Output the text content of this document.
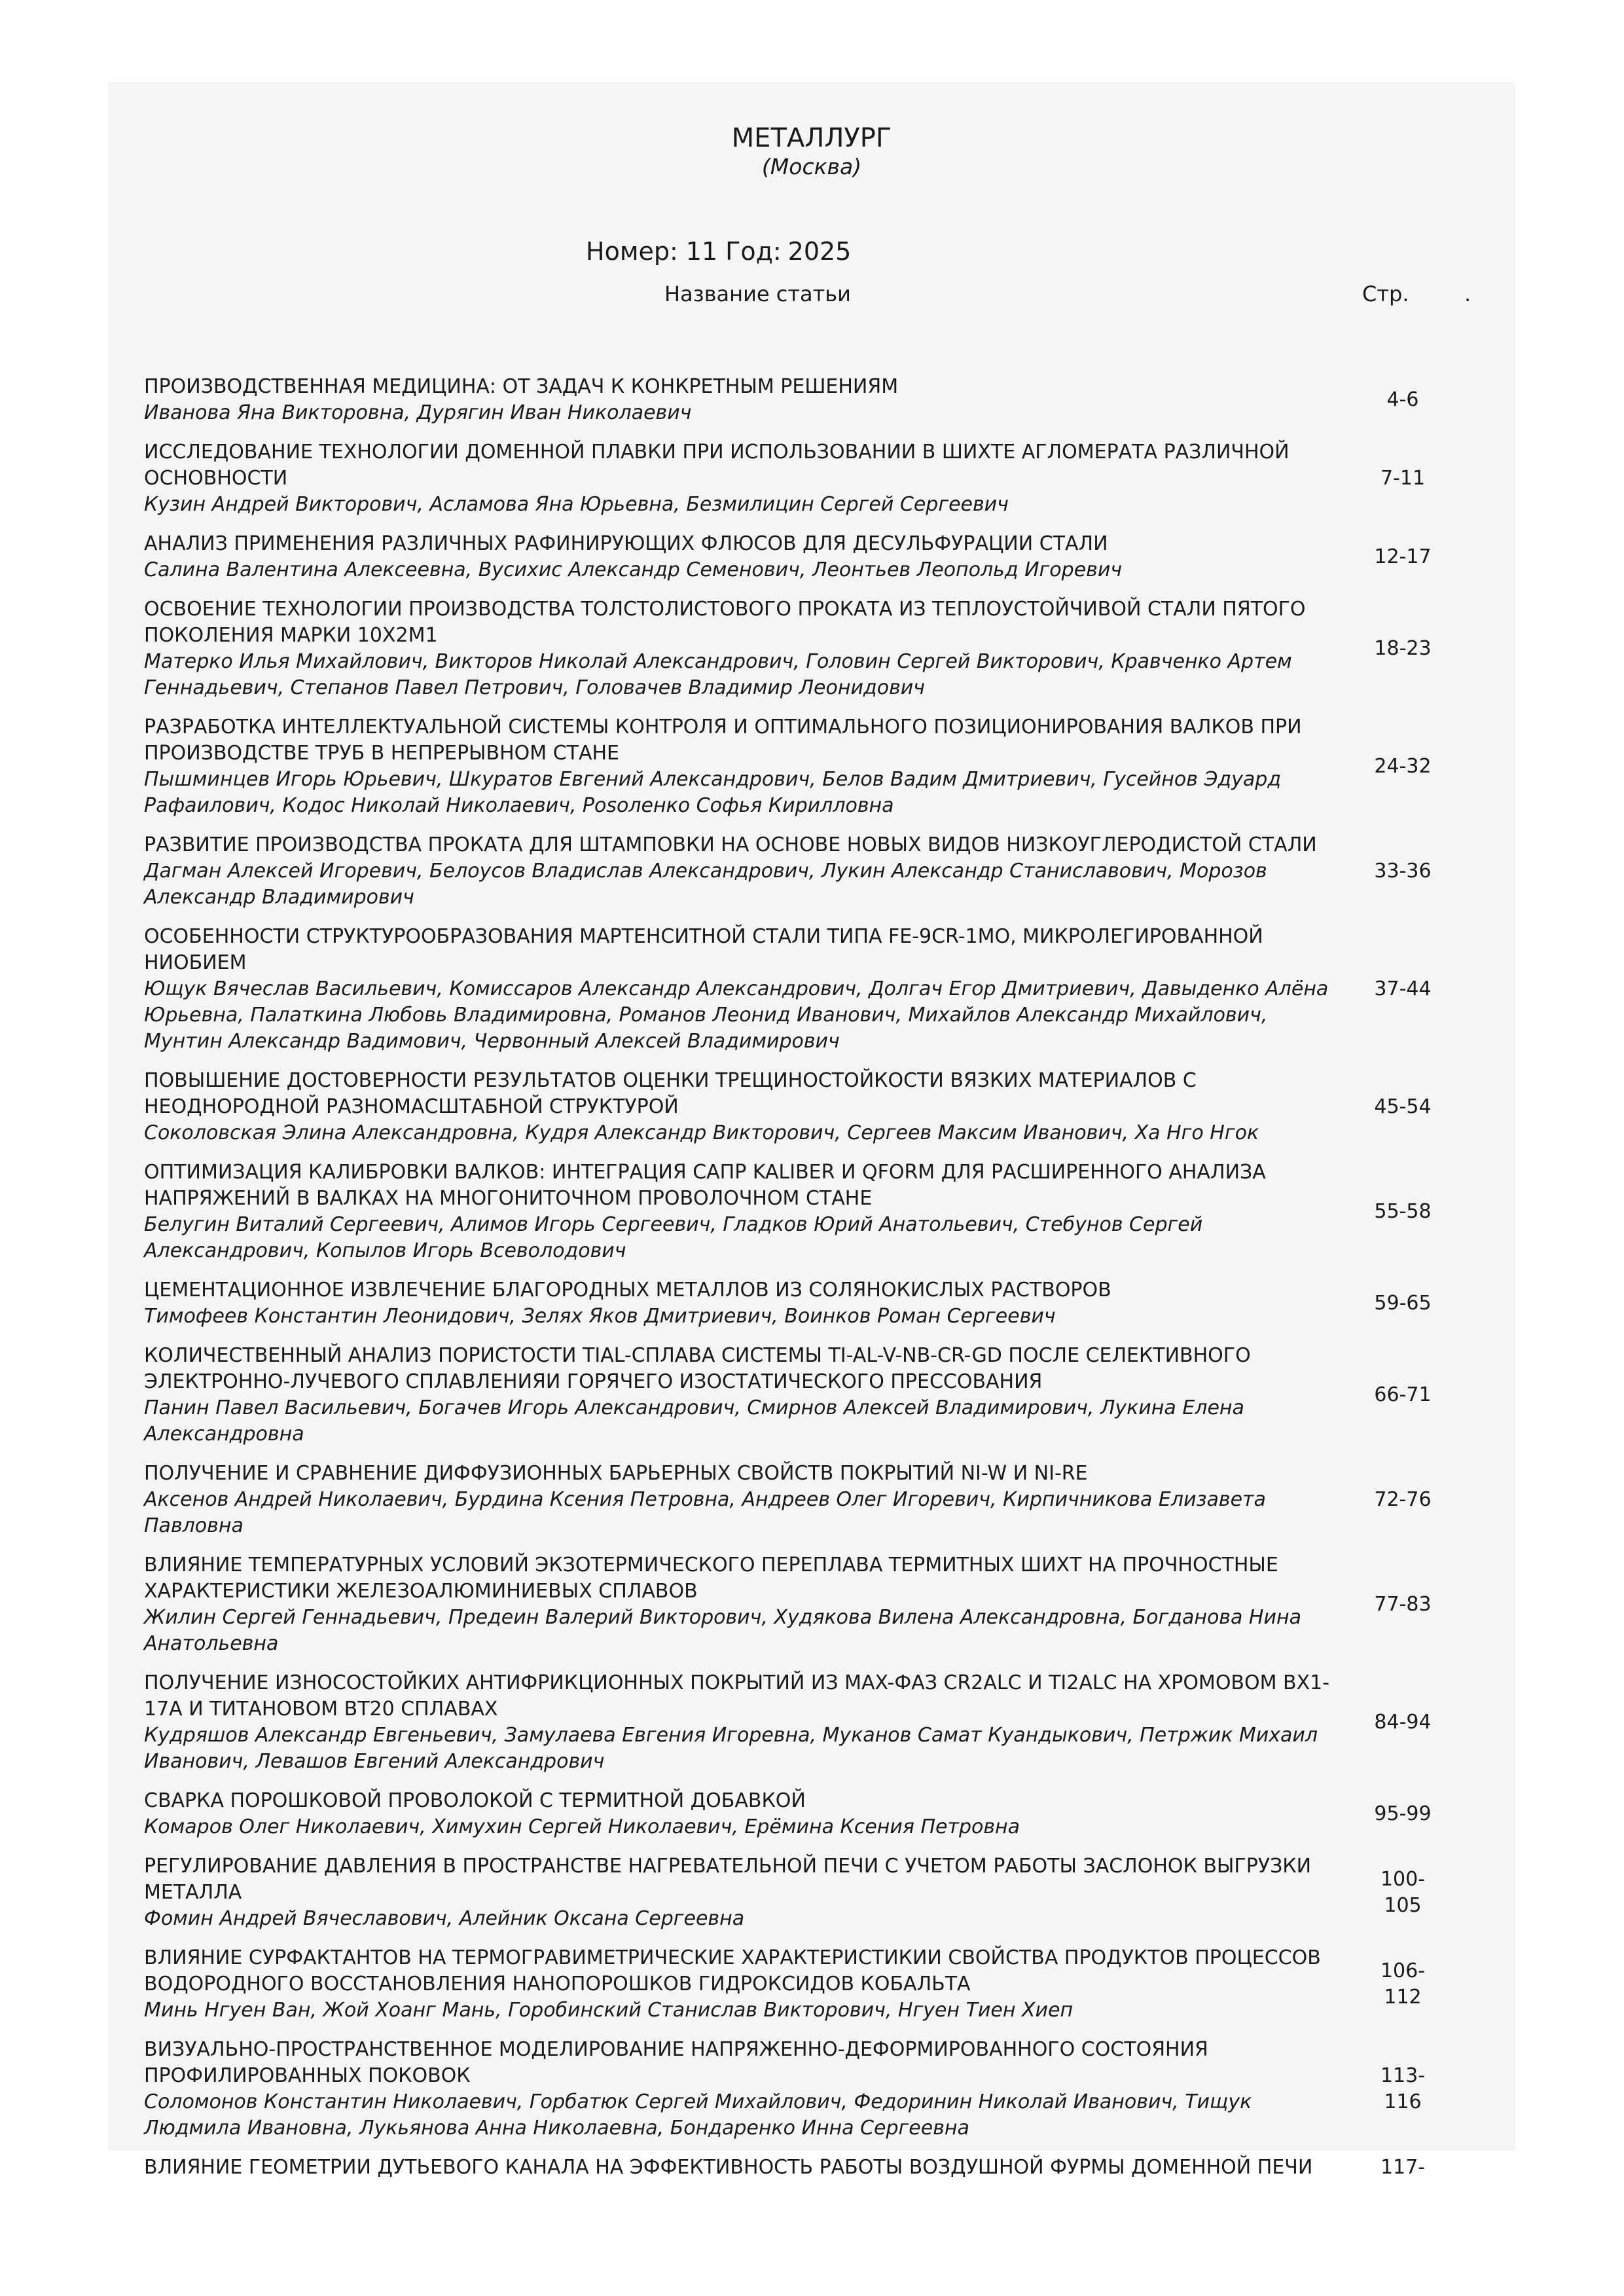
МЕТАЛЛУРГ
(Москва)
Номер: 11 Год: 2025
Название статьи	Стр.	.
ПРОИЗВОДСТВЕННАЯ МЕДИЦИНА: ОТ ЗАДАЧ К КОНКРЕТНЫМ РЕШЕНИЯМ
Иванова Яна Викторовна, Дурягин Иван Николаевич
4-6
ИССЛЕДОВАНИЕ ТЕХНОЛОГИИ ДОМЕННОЙ ПЛАВКИ ПРИ ИСПОЛЬЗОВАНИИ В ШИХТЕ АГЛОМЕРАТА РАЗЛИЧНОЙ ОСНОВНОСТИ
Кузин Андрей Викторович, Асламова Яна Юрьевна, Безмилицин Сергей Сергеевич
7-11
АНАЛИЗ ПРИМЕНЕНИЯ РАЗЛИЧНЫХ РАФИНИРУЮЩИХ ФЛЮСОВ ДЛЯ ДЕСУЛЬФУРАЦИИ СТАЛИ
Салина Валентина Алексеевна, Вусихис Александр Семенович, Леонтьев Леопольд Игоревич
12-17
ОСВОЕНИЕ ТЕХНОЛОГИИ ПРОИЗВОДСТВА ТОЛСТОЛИСТОВОГО ПРОКАТА ИЗ ТЕПЛОУСТОЙЧИВОЙ СТАЛИ ПЯТОГО ПОКОЛЕНИЯ МАРКИ 10Х2М1
Матерко Илья Михайлович, Викторов Николай Александрович, Головин Сергей Викторович, Кравченко Артем Геннадьевич, Степанов Павел Петрович, Головачев Владимир Леонидович
18-23
РАЗРАБОТКА ИНТЕЛЛЕКТУАЛЬНОЙ СИСТЕМЫ КОНТРОЛЯ И ОПТИМАЛЬНОГО ПОЗИЦИОНИРОВАНИЯ ВАЛКОВ ПРИ ПРОИЗВОДСТВЕ ТРУБ В НЕПРЕРЫВНОМ СТАНЕ
Пышминцев Игорь Юрьевич, Шкуратов Евгений Александрович, Белов Вадим Дмитриевич, Гусейнов Эдуард Рафаилович, Кодос Николай Николаевич, Рosоленко Софья Кирилловна
24-32
РАЗВИТИЕ ПРОИЗВОДСТВА ПРОКАТА ДЛЯ ШТАМПОВКИ НА ОСНОВЕ НОВЫХ ВИДОВ НИЗКОУГЛЕРОДИСТОЙ СТАЛИ
Дагман Алексей Игоревич, Белоусов Владислав Александрович, Лукин Александр Станиславович, Морозов Александр Владимирович
33-36
ОСОБЕННОСТИ СТРУКТУРООБРАЗОВАНИЯ МАРТЕНСИТНОЙ СТАЛИ ТИПА FE-9CR-1MO, МИКРОЛЕГИРОВАННОЙ НИОБИЕМ
Ющук Вячеслав Васильевич, Комиссаров Александр Александрович, Долгач Егор Дмитриевич, Давыденко Алёна Юрьевна, Палаткина Любовь Владимировна, Романов Леонид Иванович, Михайлов Александр Михайлович, Мунтин Александр Вадимович, Червонный Алексей Владимирович
37-44
ПОВЫШЕНИЕ ДОСТОВЕРНОСТИ РЕЗУЛЬТАТОВ ОЦЕНКИ ТРЕЩИНОСТОЙКОСТИ ВЯЗКИХ МАТЕРИАЛОВ С НЕОДНОРОДНОЙ РАЗНОМАСШТАБНОЙ СТРУКТУРОЙ
Соколовская Элина Александровна, Кудря Александр Викторович, Сергеев Максим Иванович, Ха Нго Нгок
45-54
ОПТИМИЗАЦИЯ КАЛИБРОВКИ ВАЛКОВ: ИНТЕГРАЦИЯ САПР KALIBER И QFORM ДЛЯ РАСШИРЕННОГО АНАЛИЗА НАПРЯЖЕНИЙ В ВАЛКАХ НА МНОГОНИТОЧНОМ ПРОВОЛОЧНОМ СТАНЕ
Белугин Виталий Сергеевич, Алимов Игорь Сергеевич, Гладков Юрий Анатольевич, Стебунов Сергей Александрович, Копылов Игорь Всеволодович
55-58
ЦЕМЕНТАЦИОННОЕ ИЗВЛЕЧЕНИЕ БЛАГОРОДНЫХ МЕТАЛЛОВ ИЗ СОЛЯНОКИСЛЫХ РАСТВОРОВ
Тимофеев Константин Леонидович, Зелях Яков Дмитриевич, Воинков Роман Сергеевич
59-65
КОЛИЧЕСТВЕННЫЙ АНАЛИЗ ПОРИСТОСТИ TIAL-СПЛАВА СИСТЕМЫ TI-AL-V-NB-CR-GD ПОСЛЕ СЕЛЕКТИВНОГО ЭЛЕКТРОННО-ЛУЧЕВОГО СПЛАВЛЕНИЯИ ГОРЯЧЕГО ИЗОСТАТИЧЕСКОГО ПРЕССОВАНИЯ
Панин Павел Васильевич, Богачев Игорь Александрович, Смирнов Алексей Владимирович, Лукина Елена Александровна
66-71
ПОЛУЧЕНИЕ И СРАВНЕНИЕ ДИФФУЗИОННЫХ БАРЬЕРНЫХ СВОЙСТВ ПОКРЫТИЙ NI-W И NI-RE
Аксенов Андрей Николаевич, Бурдина Ксения Петровна, Андреев Олег Игоревич, Кирпичникова Елизавета Павловна
72-76
ВЛИЯНИЕ ТЕМПЕРАТУРНЫХ УСЛОВИЙ ЭКЗОТЕРМИЧЕСКОГО ПЕРЕПЛАВА ТЕРМИТНЫХ ШИХТ НА ПРОЧНОСТНЫЕ ХАРАКТЕРИСТИКИ ЖЕЛЕЗОАЛЮМИНИЕВЫХ СПЛАВОВ
Жилин Сергей Геннадьевич, Предеин Валерий Викторович, Худякова Вилена Александровна, Богданова Нина Анатольевна
77-83
ПОЛУЧЕНИЕ ИЗНОСОСТОЙКИХ АНТИФРИКЦИОННЫХ ПОКРЫТИЙ ИЗ MAX-ФАЗ CR2ALC И TI2ALC НА ХРОМОВОМ ВХ1-17А И ТИТАНОВОМ ВТ20 СПЛАВАХ
Кудряшов Александр Евгеньевич, Замулаева Евгения Игоревна, Муканов Самат Куандыкович, Петржик Михаил Иванович, Левашов Евгений Александрович
84-94
СВАРКА ПОРОШКОВОЙ ПРОВОЛОКОЙ С ТЕРМИТНОЙ ДОБАВКОЙ
Комаров Олег Николаевич, Химухин Сергей Николаевич, Ерёмина Ксения Петровна
95-99
РЕГУЛИРОВАНИЕ ДАВЛЕНИЯ В ПРОСТРАНСТВЕ НАГРЕВАТЕЛЬНОЙ ПЕЧИ С УЧЕТОМ РАБОТЫ ЗАСЛОНОК ВЫГРУЗКИ МЕТАЛЛА
Фомин Андрей Вячеславович, Алейник Оксана Сергеевна
100-
105
ВЛИЯНИЕ СУРФАКТАНТОВ НА ТЕРМОГРАВИМЕТРИЧЕСКИЕ ХАРАКТЕРИСТИКИИ СВОЙСТВА ПРОДУКТОВ ПРОЦЕССОВ ВОДОРОДНОГО ВОССТАНОВЛЕНИЯ НАНОПОРОШКОВ ГИДРОКСИДОВ КОБАЛЬТА
Минь Нгуен Ван, Жой Хоанг Мань, Горобинский Станислав Викторович, Нгуен Тиен Хиеп
106-
112
ВИЗУАЛЬНО-ПРОСТРАНСТВЕННОЕ МОДЕЛИРОВАНИЕ НАПРЯЖЕННО-ДЕФОРМИРОВАННОГО СОСТОЯНИЯ ПРОФИЛИРОВАННЫХ ПОКОВОК
Соломонов Константин Николаевич, Горбатюк Сергей Михайлович, Федоринин Николай Иванович, Тищук Людмила Ивановна, Лукьянова Анна Николаевна, Бондаренко Инна Сергеевна
113-
116
ВЛИЯНИЕ ГЕОМЕТРИИ ДУТЬЕВОГО КАНАЛА НА ЭФФЕКТИВНОСТЬ РАБОТЫ ВОЗДУШНОЙ ФУРМЫ ДОМЕННОЙ ПЕЧИ	117-
